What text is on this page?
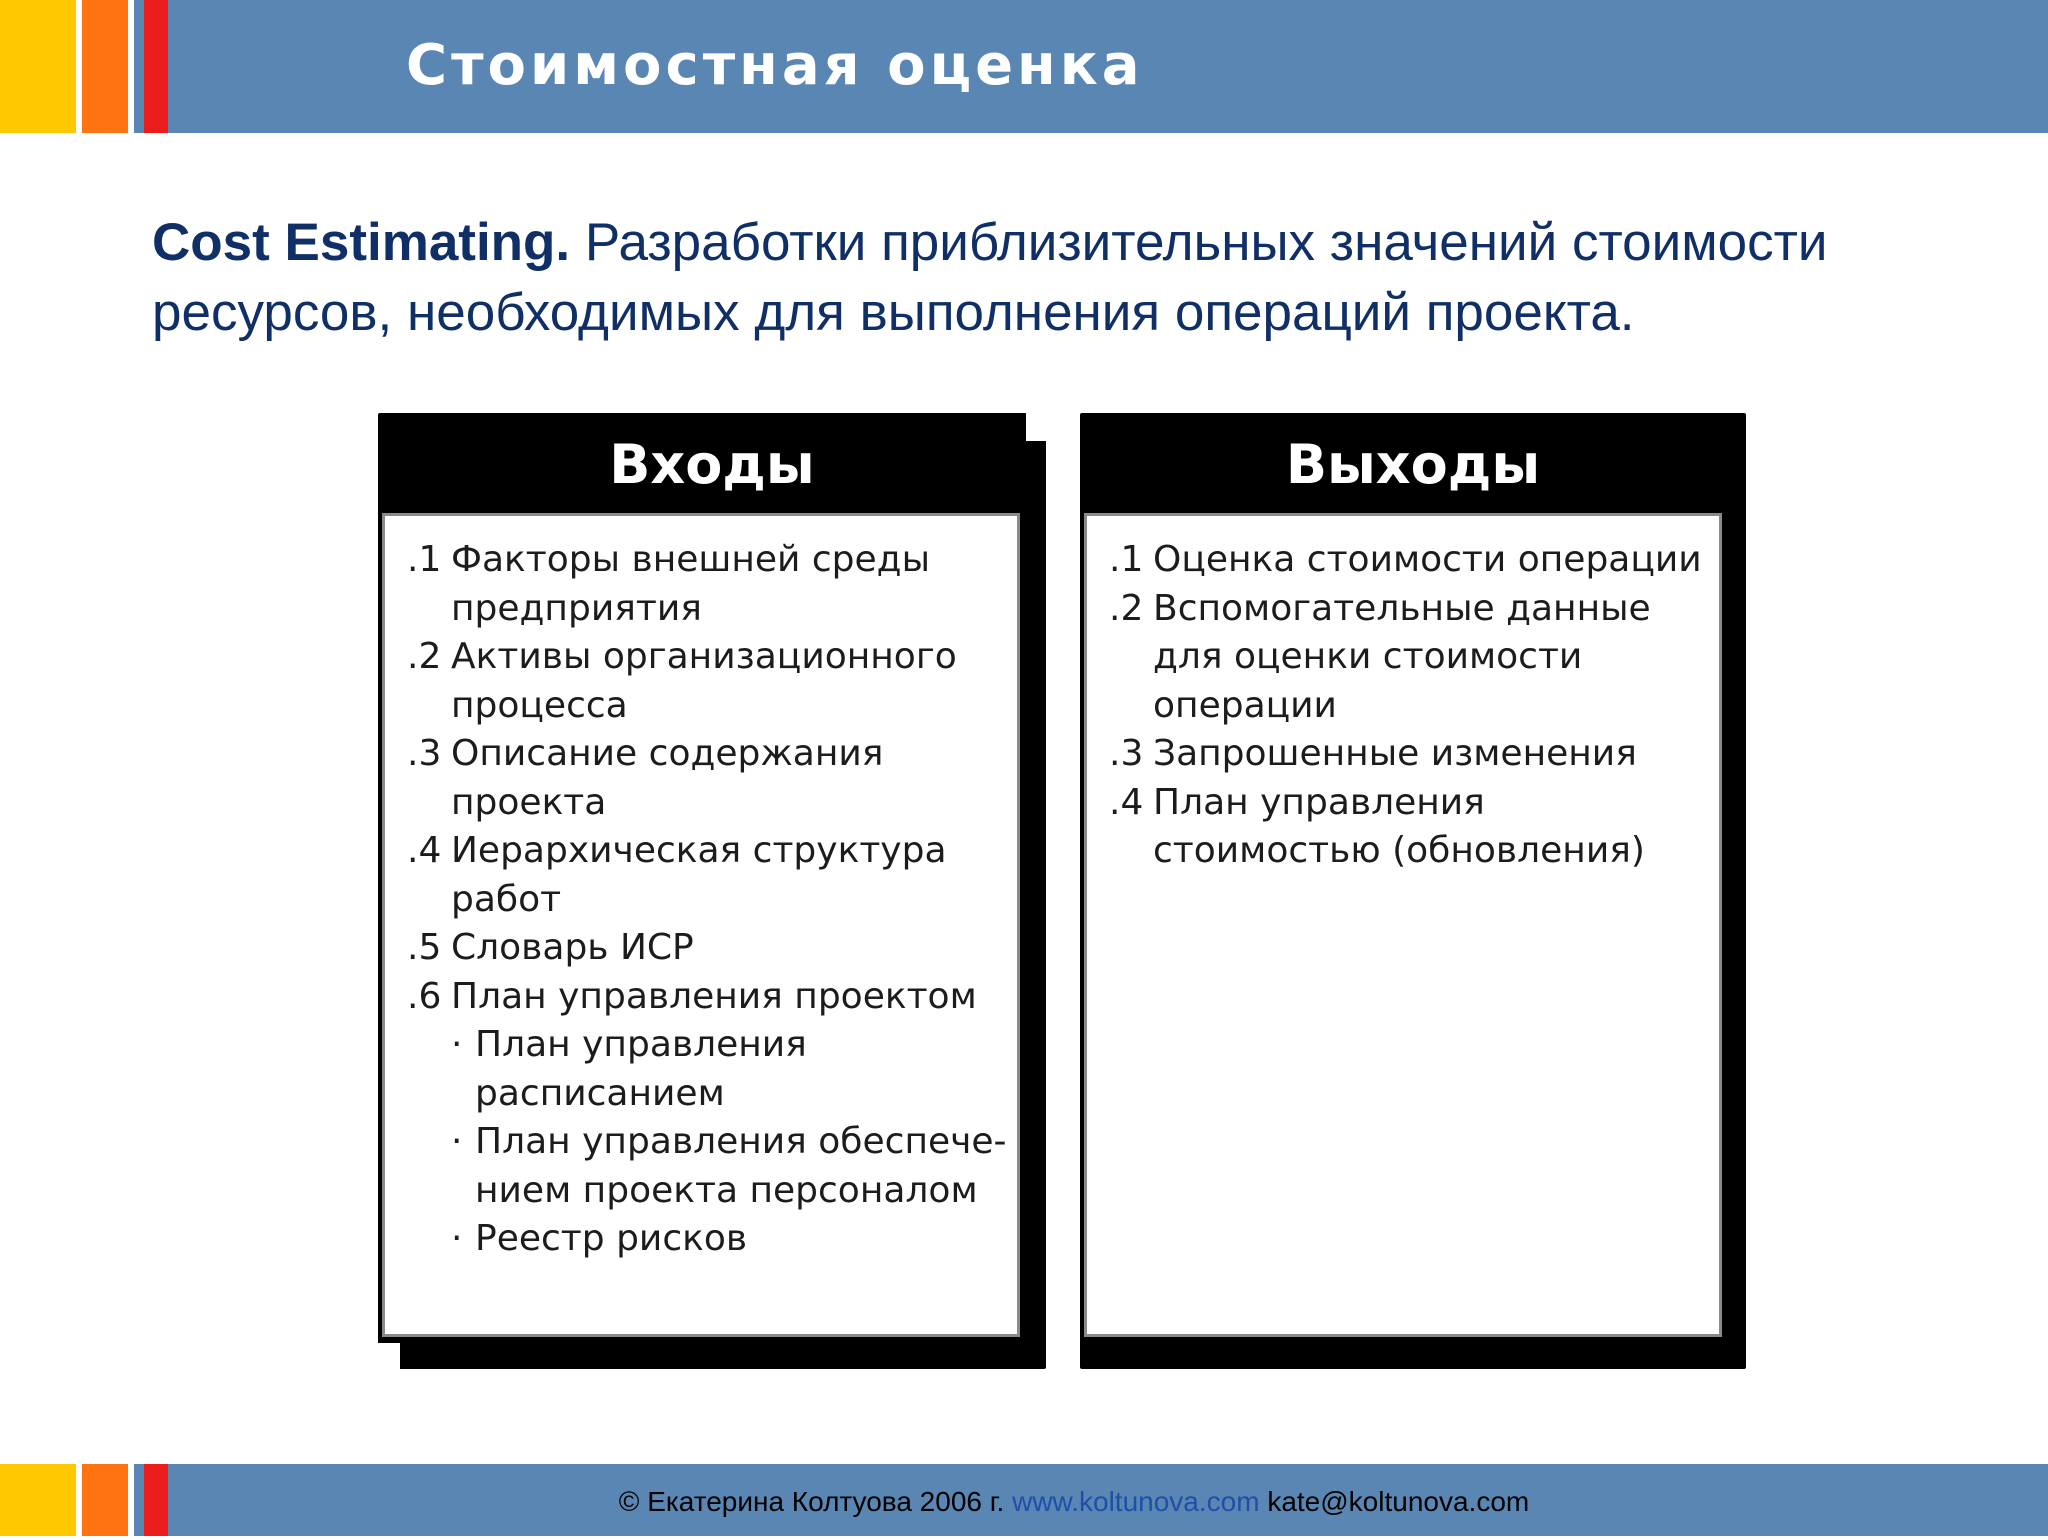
Стоимостная оценка
Cost Estimating. Разработки приблизительных значений стоимости ресурсов, необходимых для выполнения операций проекта.
Входы
.1 Факторы внешней среды предприятия
.2 Активы организационного процесса
.3 Описание содержания проекта
.4 Иерархическая структура работ
.5 Словарь ИСР
.6 План управления проектом
· План управления расписанием
· План управления обеспече-нием проекта персоналом
· Реестр рисков
Выходы
.1 Оценка стоимости операции
.2 Вспомогательные данные для оценки стоимости операции
.3 Запрошенные изменения
.4 План управления стоимостью (обновления)
© Екатерина Колтуова 2006 г. www.koltunova.com kate@koltunova.com
